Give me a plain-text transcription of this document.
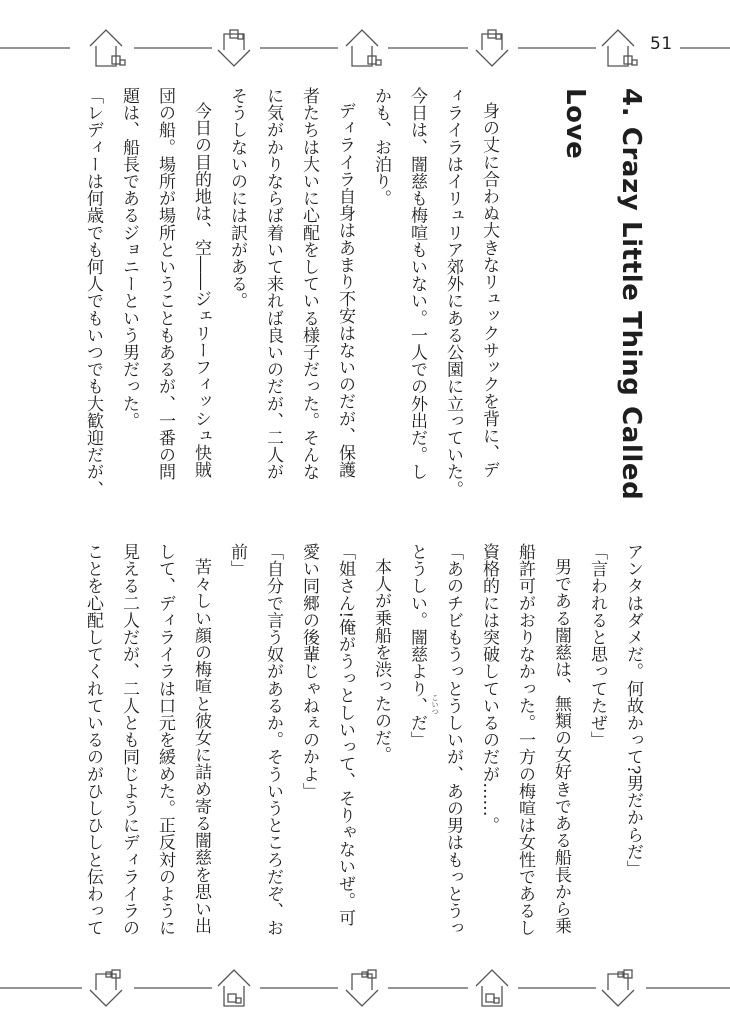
51
4. Crazy Little Thing Called
Love
身の丈に合わぬ大きなリュックサックを背に、デ
ィライラはイリュリア郊外にある公園に立っていた。
今日は、闇慈も梅喧もいない。一人での外出だ。し
かも、お泊り。
ディライラ自身はあまり不安はないのだが、保護
者たちは大いに心配をしている様子だった。そんな
に気がかりならば着いて来れば良いのだが、二人が
そうしないのには訳がある。
今日の目的地は、空――ジェリーフィッシュ快賊
団の船。場所が場所ということもあるが、一番の問
題は、船長であるジョニーという男だった。
「レディーは何歳でも何人でもいつでも大歓迎だが、
アンタはダメだ。何故かって?男だからだ」
「言われると思ってたぜ」
男である闇慈は、無類の女好きである船長から乗
船許可がおりなかった。一方の梅喧は女性であるし
資格的には突破しているのだが……。
「あのチビもうっとうしいが、あの男はもっとうっ
とうしい。闇慈より、だ」
本人が乗船を渋ったのだ。
「姐さん!俺がうっとしいって、そりゃないぜ。可
愛い同郷の後輩じゃねぇのかよ」
「自分で言う奴があるか。そういうところだぞ、お
前」
苦々しい顔の梅喧と彼女に詰め寄る闇慈を思い出
して、ディライラは口元を緩めた。正反対のように
見える二人だが、二人とも同じようにディライラの
ことを心配してくれているのがひしひしと伝わって	こいつ
